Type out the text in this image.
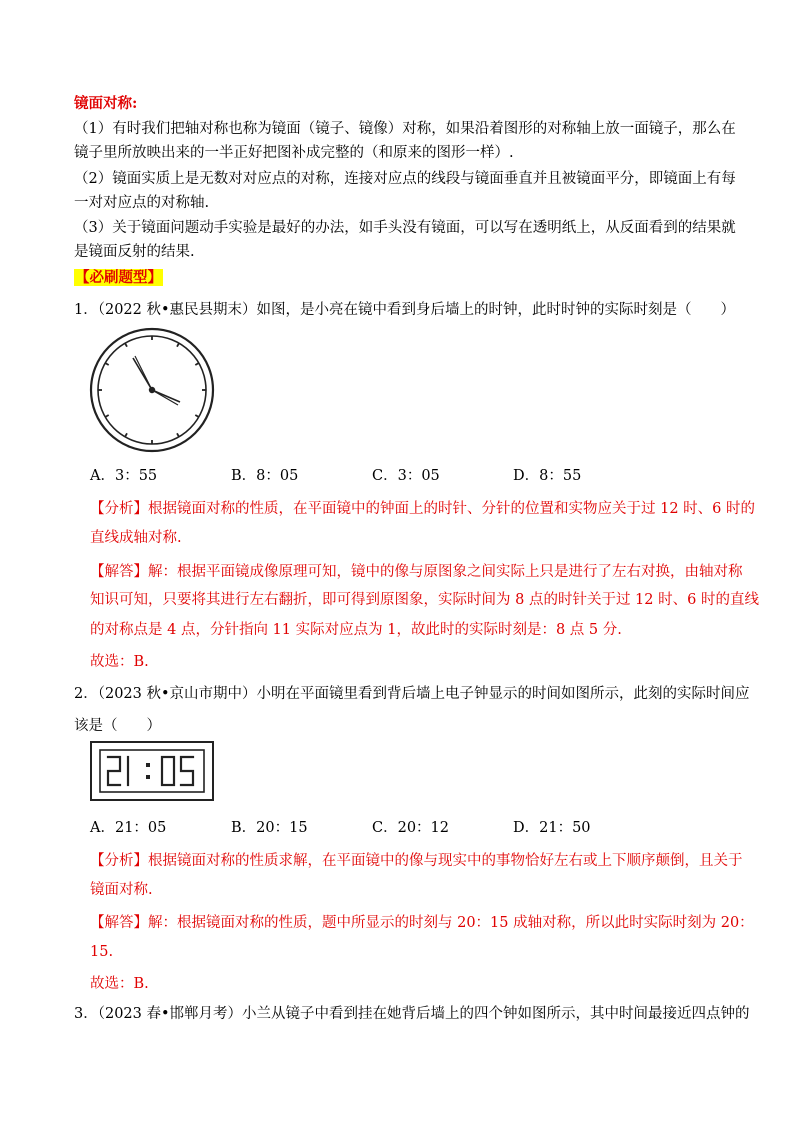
镜面对称:
（1）有时我们把轴对称也称为镜面（镜子、镜像）对称，如果沿着图形的对称轴上放一面镜子，那么在
镜子里所放映出来的一半正好把图补成完整的（和原来的图形一样）.
（2）镜面实质上是无数对对应点的对称，连接对应点的线段与镜面垂直并且被镜面平分，即镜面上有每
一对对应点的对称轴.
（3）关于镜面问题动手实验是最好的办法，如手头没有镜面，可以写在透明纸上，从反面看到的结果就
是镜面反射的结果.
【必刷题型】
1．（2022 秋•惠民县期末）如图，是小亮在镜中看到身后墙上的时钟，此时时钟的实际时刻是（　　）
A．3：55	B．8：05	C．3：05	D．8：55
【分析】根据镜面对称的性质，在平面镜中的钟面上的时针、分针的位置和实物应关于过 12 时、6 时的
直线成轴对称.
【解答】解：根据平面镜成像原理可知，镜中的像与原图象之间实际上只是进行了左右对换，由轴对称
知识可知，只要将其进行左右翻折，即可得到原图象，实际时间为 8 点的时针关于过 12 时、6 时的直线
的对称点是 4 点，分针指向 11 实际对应点为 1，故此时的实际时刻是：8 点 5 分.
故选：B.
2．（2023 秋•京山市期中）小明在平面镜里看到背后墙上电子钟显示的时间如图所示，此刻的实际时间应
该是（　　）
A．21：05	B．20：15	C．20：12	D．21：50
【分析】根据镜面对称的性质求解，在平面镜中的像与现实中的事物恰好左右或上下顺序颠倒，且关于
镜面对称.
【解答】解：根据镜面对称的性质，题中所显示的时刻与 20：15 成轴对称，所以此时实际时刻为 20：
15.
故选：B.
3．（2023 春•邯郸月考）小兰从镜子中看到挂在她背后墙上的四个钟如图所示，其中时间最接近四点钟的
